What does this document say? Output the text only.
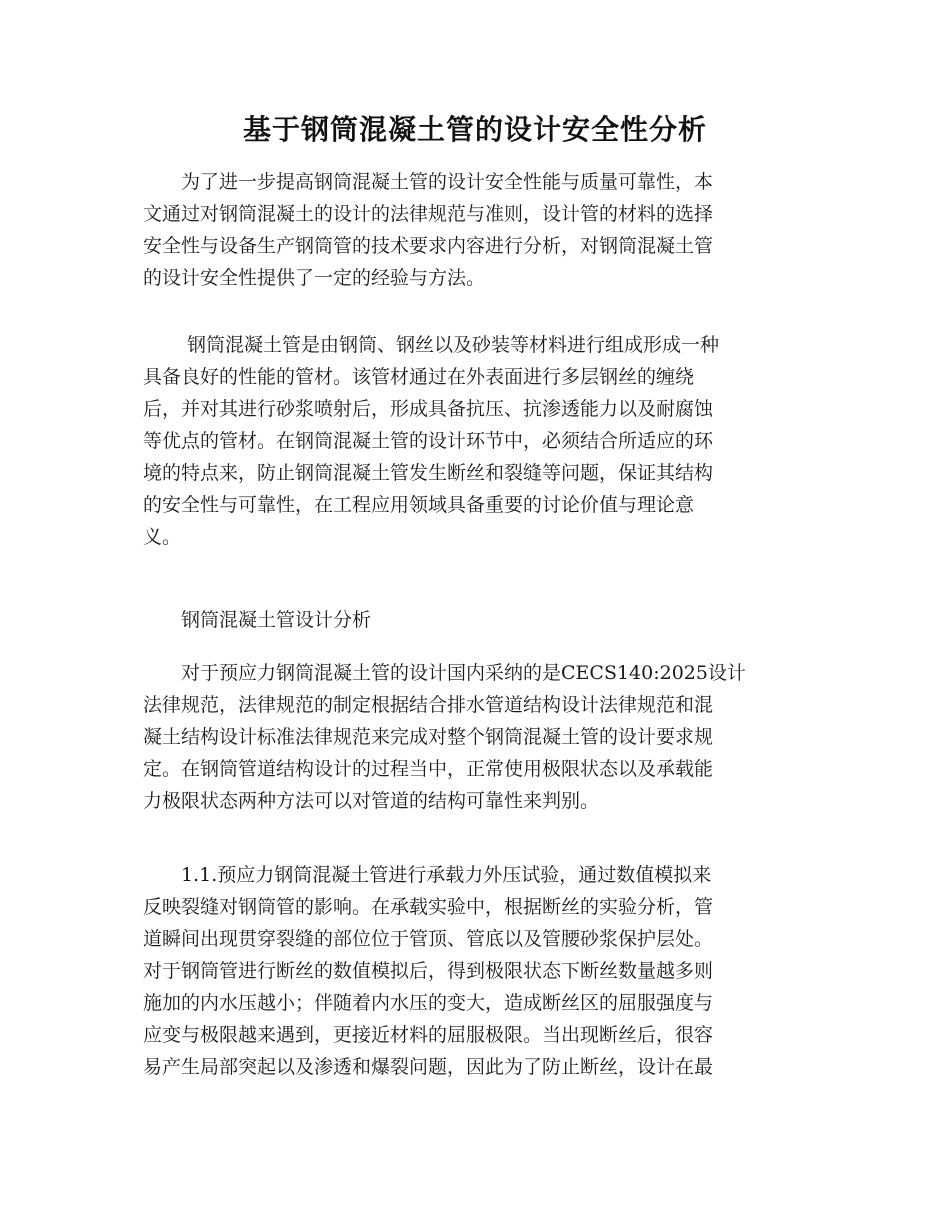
基于钢筒混凝土管的设计安全性分析
　　为了进一步提高钢筒混凝土管的设计安全性能与质量可靠性，本
文通过对钢筒混凝土的设计的法律规范与准则，设计管的材料的选择
安全性与设备生产钢筒管的技术要求内容进行分析，对钢筒混凝土管
的设计安全性提供了一定的经验与方法。
　　 钢筒混凝土管是由钢筒、钢丝以及砂装等材料进行组成形成一种
具备良好的性能的管材。该管材通过在外表面进行多层钢丝的缠绕
后，并对其进行砂浆喷射后，形成具备抗压、抗渗透能力以及耐腐蚀
等优点的管材。在钢筒混凝土管的设计环节中，必须结合所适应的环
境的特点来，防止钢筒混凝土管发生断丝和裂缝等问题，保证其结构
的安全性与可靠性，在工程应用领域具备重要的讨论价值与理论意
义。
　　钢筒混凝土管设计分析
　　对于预应力钢筒混凝土管的设计国内采纳的是CECS140:2025设计
法律规范，法律规范的制定根据结合排水管道结构设计法律规范和混
凝土结构设计标准法律规范来完成对整个钢筒混凝土管的设计要求规
定。在钢筒管道结构设计的过程当中，正常使用极限状态以及承载能
力极限状态两种方法可以对管道的结构可靠性来判别。
　　1.1.预应力钢筒混凝土管进行承载力外压试验，通过数值模拟来
反映裂缝对钢筒管的影响。在承载实验中，根据断丝的实验分析，管
道瞬间出现贯穿裂缝的部位位于管顶、管底以及管腰砂浆保护层处。
对于钢筒管进行断丝的数值模拟后，得到极限状态下断丝数量越多则
施加的内水压越小；伴随着内水压的变大，造成断丝区的屈服强度与
应变与极限越来遇到，更接近材料的屈服极限。当出现断丝后，很容
易产生局部突起以及渗透和爆裂问题，因此为了防止断丝，设计在最
